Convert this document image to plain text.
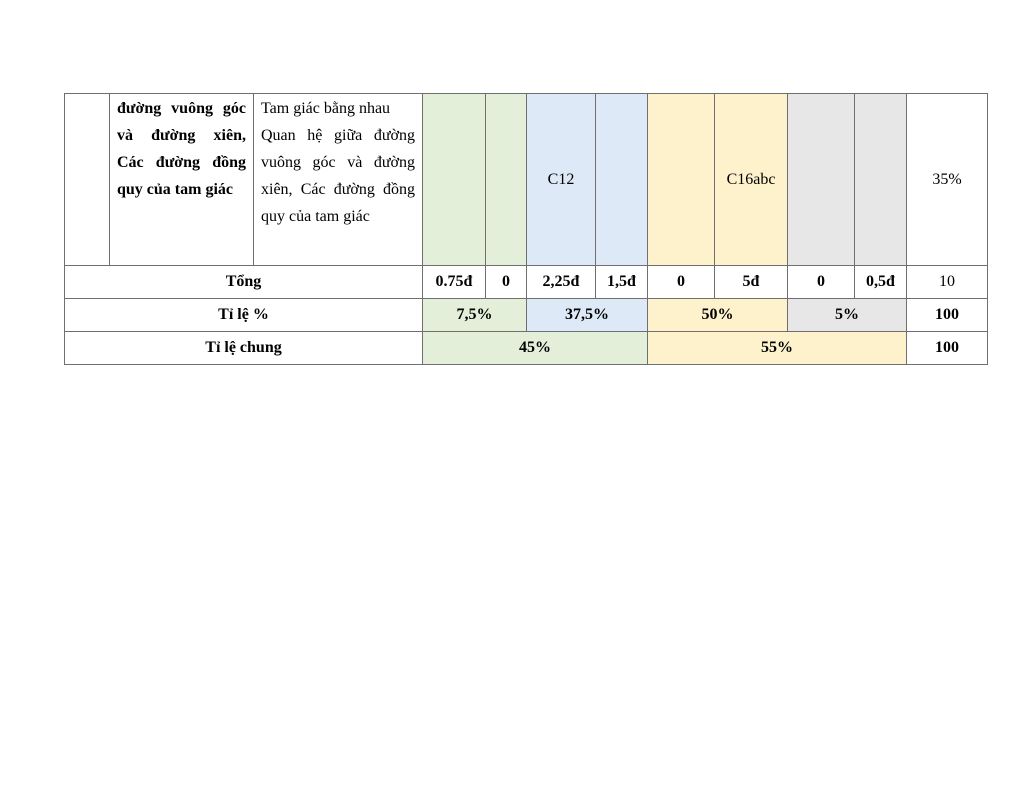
	đường vuông góc và đường xiên, Các đường đồng quy của tam giác	Tam giác bằng nhau
Quan hệ giữa đường vuông góc và đường xiên, Các đường đồng quy của tam giác			C12			C16abc			35%
Tổng			0.75đ	0	2,25đ	1,5đ	0	5đ	0	0,5đ	10
Tỉ lệ %			7,5%		37,5%		50%		5%		100
Tỉ lệ chung			45%				55%				100
